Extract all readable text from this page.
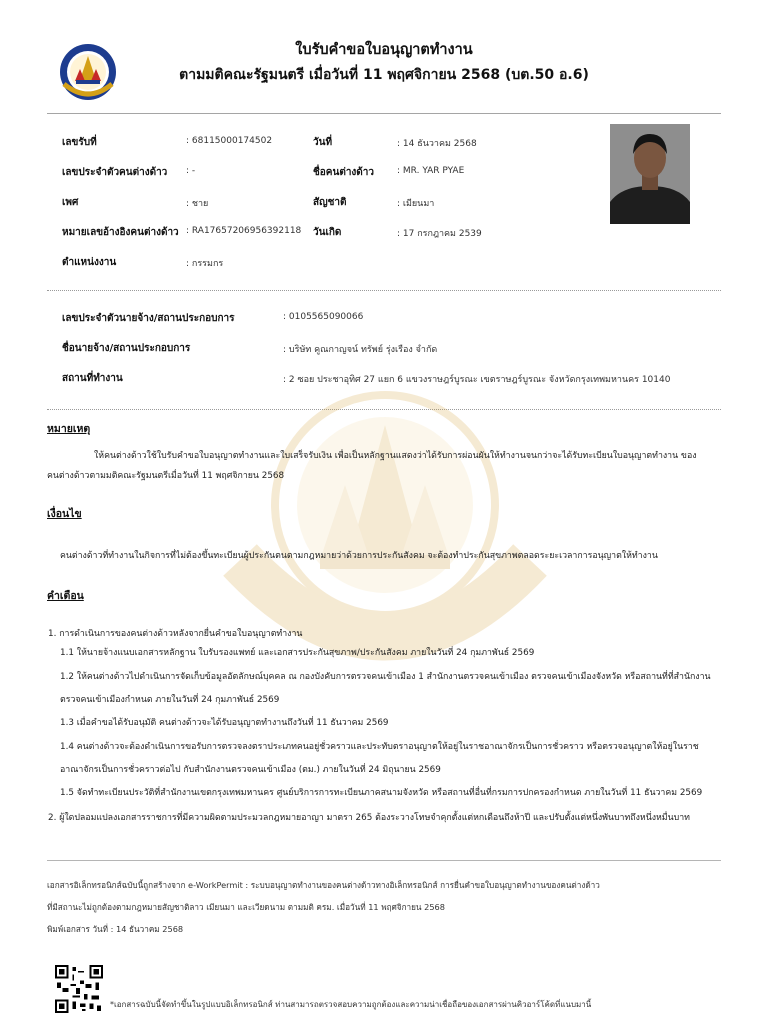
ใบรับคำขอใบอนุญาตทำงาน
ตามมติคณะรัฐมนตรี เมื่อวันที่ 11 พฤศจิกายน 2568 (บต.50 อ.6)
เลขรับที่	: 68115000174502	วันที่	: 14 ธันวาคม 2568
เลขประจำตัวคนต่างด้าว : -	ชื่อคนต่างด้าว	: MR. YAR PYAE
เพศ	: ชาย	สัญชาติ	: เมียนมา
หมายเลขอ้างอิงคนต่างด้าว : RA17657206956392118 วันเกิด	: 17 กรกฎาคม 2539
ตำแหน่งงาน	: กรรมกร
เลขประจำตัวนายจ้าง/สถานประกอบการ	: 0105565090066
ชื่อนายจ้าง/สถานประกอบการ	: บริษัท คูณกาญจน์ ทรัพย์ รุ่งเรือง จำกัด
สถานที่ทำงาน	: 2 ซอย ประชาอุทิศ 27 แยก 6 แขวงราษฎร์บูรณะ เขตราษฎร์บูรณะ จังหวัดกรุงเทพมหานคร 10140
หมายเหตุ
ให้คนต่างด้าวใช้ใบรับคำขอใบอนุญาตทำงานและใบเสร็จรับเงิน เพื่อเป็นหลักฐานแสดงว่าได้รับการผ่อนผันให้ทำงานจนกว่าจะได้รับทะเบียนใบอนุญาตทำงาน ของ
คนต่างด้าวตามมติคณะรัฐมนตรีเมื่อวันที่ 11 พฤศจิกายน 2568
เงื่อนไข
คนต่างด้าวที่ทำงานในกิจการที่ไม่ต้องขึ้นทะเบียนผู้ประกันตนตามกฎหมายว่าด้วยการประกันสังคม จะต้องทำประกันสุขภาพตลอดระยะเวลาการอนุญาตให้ทำงาน
คำเตือน
1. การดำเนินการของคนต่างด้าวหลังจากยื่นคำขอใบอนุญาตทำงาน
1.1 ให้นายจ้างแนบเอกสารหลักฐาน ใบรับรองแพทย์ และเอกสารประกันสุขภาพ/ประกันสังคม ภายในวันที่ 24 กุมภาพันธ์ 2569
1.2 ให้คนต่างด้าวไปดำเนินการจัดเก็บข้อมูลอัตลักษณ์บุคคล ณ กองบังคับการตรวจคนเข้าเมือง 1 สำนักงานตรวจคนเข้าเมือง ตรวจคนเข้าเมืองจังหวัด หรือสถานที่ที่สำนักงาน
ตรวจคนเข้าเมืองกำหนด ภายในวันที่ 24 กุมภาพันธ์ 2569
1.3 เมื่อคำขอได้รับอนุมัติ คนต่างด้าวจะได้รับอนุญาตทำงานถึงวันที่ 11 ธันวาคม 2569
1.4 คนต่างด้าวจะต้องดำเนินการขอรับการตรวจลงตราประเภทคนอยู่ชั่วคราวและประทับตราอนุญาตให้อยู่ในราชอาณาจักรเป็นการชั่วคราว หรือตรวจอนุญาตให้อยู่ในราช
อาณาจักรเป็นการชั่วคราวต่อไป กับสำนักงานตรวจคนเข้าเมือง (ตม.) ภายในวันที่ 24 มิถุนายน 2569
1.5 จัดทำทะเบียนประวัติที่สำนักงานเขตกรุงเทพมหานคร ศูนย์บริการการทะเบียนภาคสนามจังหวัด หรือสถานที่อื่นที่กรมการปกครองกำหนด ภายในวันที่ 11 ธันวาคม 2569
2. ผู้ใดปลอมแปลงเอกสารราชการที่มีความผิดตามประมวลกฎหมายอาญา มาตรา 265 ต้องระวางโทษจำคุกตั้งแต่หกเดือนถึงห้าปี และปรับตั้งแต่หนึ่งพันบาทถึงหนึ่งหมื่นบาท
เอกสารอิเล็กทรอนิกส์ฉบับนี้ถูกสร้างจาก e-WorkPermit : ระบบอนุญาตทำงานของคนต่างด้าวทางอิเล็กทรอนิกส์ การยื่นคำขอใบอนุญาตทำงานของคนต่างด้าว
ที่มีสถานะไม่ถูกต้องตามกฎหมายสัญชาติลาว เมียนมา และเวียดนาม ตามมติ ครม. เมื่อวันที่ 11 พฤศจิกายน 2568
พิมพ์เอกสาร วันที่ : 14 ธันวาคม 2568
*เอกสารฉบับนี้จัดทำขึ้นในรูปแบบอิเล็กทรอนิกส์ ท่านสามารถตรวจสอบความถูกต้องและความน่าเชื่อถือของเอกสารผ่านคิวอาร์โค้ดที่แนบมานี้
